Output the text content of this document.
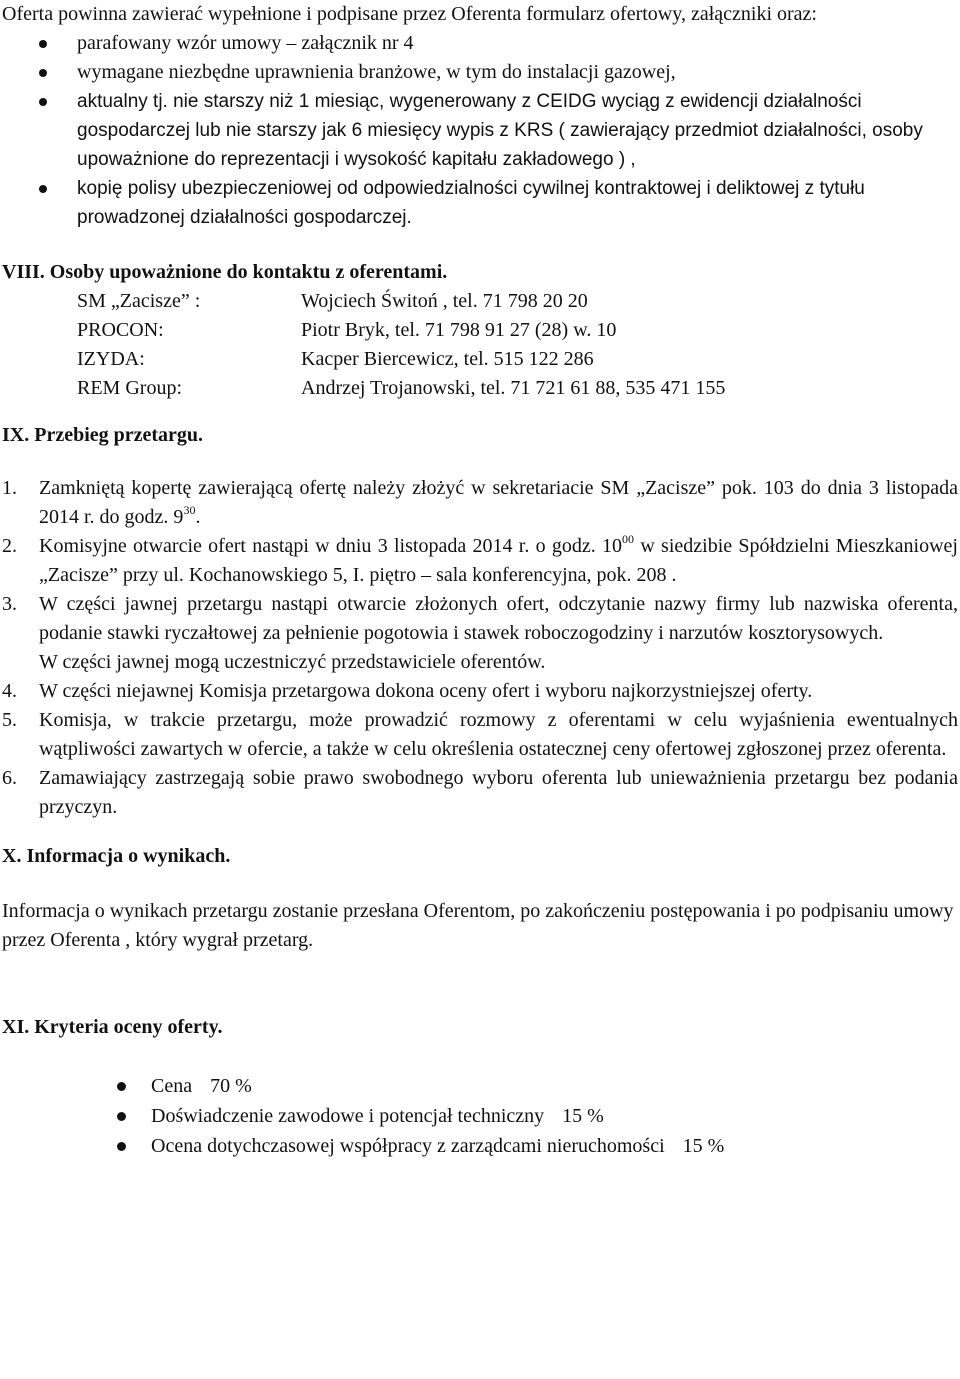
Oferta powinna zawierać wypełnione i podpisane przez Oferenta formularz ofertowy, załączniki oraz:

parafowany wzór umowy – załącznik nr 4
wymagane niezbędne uprawnienia branżowe, w tym do instalacji gazowej,
aktualny tj. nie starszy niż 1 miesiąc, wygenerowany z CEIDG wyciąg z ewidencji działalności gospodarczej lub nie starszy jak 6 miesięcy wypis z KRS ( zawierający przedmiot działalności, osoby upoważnione do reprezentacji i wysokość kapitału zakładowego ) ,
kopię polisy ubezpieczeniowej od odpowiedzialności cywilnej kontraktowej i deliktowej z tytułu prowadzonej działalności gospodarczej.

VIII. Osoby upoważnione do kontaktu z oferentami.

SM „Zacisze” :	Wojciech Świtoń , tel. 71 798 20 20
PROCON:	Piotr Bryk, tel. 71 798 91 27 (28) w. 10
IZYDA:	Kacper Biercewicz, tel. 515 122 286
REM Group:	Andrzej Trojanowski, tel. 71 721 61 88, 535 471 155

IX. Przebieg przetargu.

1.	Zamkniętą kopertę zawierającą ofertę należy złożyć w sekretariacie SM „Zacisze” pok. 103 do dnia 3 listopada 2014 r. do godz. $9^{30}$.
2.	Komisyjne otwarcie ofert nastąpi w dniu 3 listopada 2014 r. o godz. $10^{00}$ w siedzibie Spółdzielni Mieszkaniowej „Zacisze” przy ul. Kochanowskiego 5, I. piętro – sala konferencyjna, pok. 208 .
3.	W części jawnej przetargu nastąpi otwarcie złożonych ofert, odczytanie nazwy firmy lub nazwiska oferenta, podanie stawki ryczałtowej za pełnienie pogotowia i stawek roboczogodziny i narzutów kosztorysowych.
W części jawnej mogą uczestniczyć przedstawiciele oferentów.
4.	W części niejawnej Komisja przetargowa dokona oceny ofert i wyboru najkorzystniejszej oferty.
5.	Komisja, w trakcie przetargu, może prowadzić rozmowy z oferentami w celu wyjaśnienia ewentualnych wątpliwości zawartych w ofercie, a także w celu określenia ostatecznej ceny ofertowej zgłoszonej przez oferenta.
6.	Zamawiający zastrzegają sobie prawo swobodnego wyboru oferenta lub unieważnienia przetargu bez podania przyczyn.

X. Informacja o wynikach.

Informacja o wynikach przetargu zostanie przesłana Oferentom, po zakończeniu postępowania i po podpisaniu umowy przez Oferenta , który wygrał przetarg.

XI. Kryteria oceny oferty.

Cena 70 %
Doświadczenie zawodowe i potencjał techniczny 15 %
Ocena dotychczasowej współpracy z zarządcami nieruchomości 15 %
